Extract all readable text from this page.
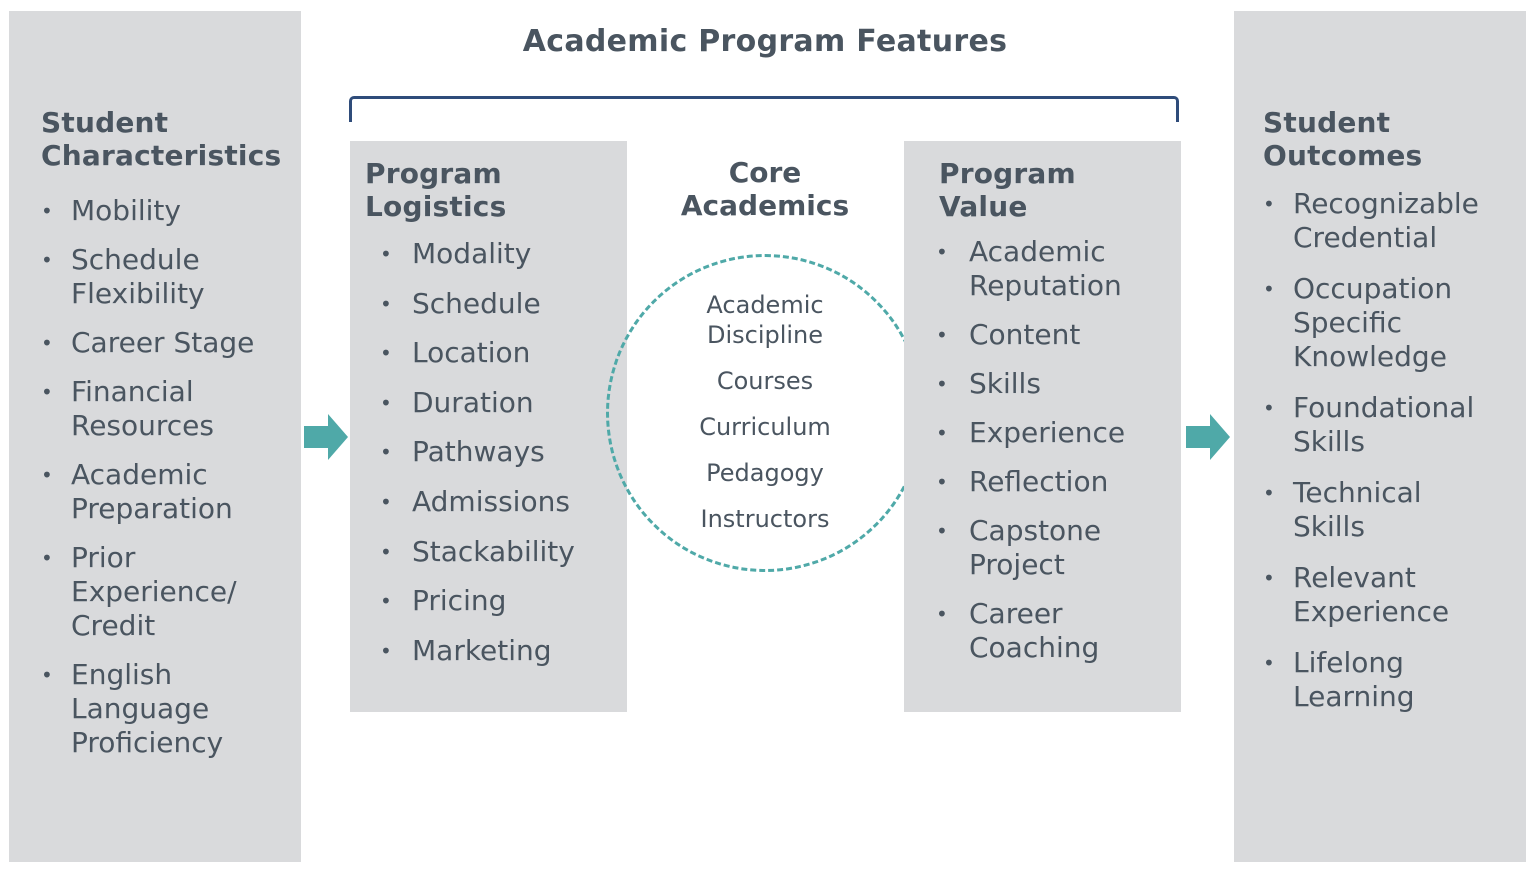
Student
Characteristics
• Mobility
• Schedule
Flexibility
• Career Stage
• Financial
Resources
• Academic
Preparation
• Prior
Experience/
Credit
• English
Language
Proficiency
Academic Program Features
Program
Logistics
• Modality
• Schedule
• Location
• Duration
• Pathways
• Admissions
• Stackability
• Pricing
• Marketing
Core
Academics
Academic
Discipline
Courses
Curriculum
Pedagogy
Instructors
Program
Value
• Academic
Reputation
• Content
• Skills
• Experience
• Reflection
• Capstone
Project
• Career
Coaching
Student
Outcomes
• Recognizable
Credential
• Occupation
Specific
Knowledge
• Foundational
Skills
• Technical
Skills
• Relevant
Experience
• Lifelong
Learning
